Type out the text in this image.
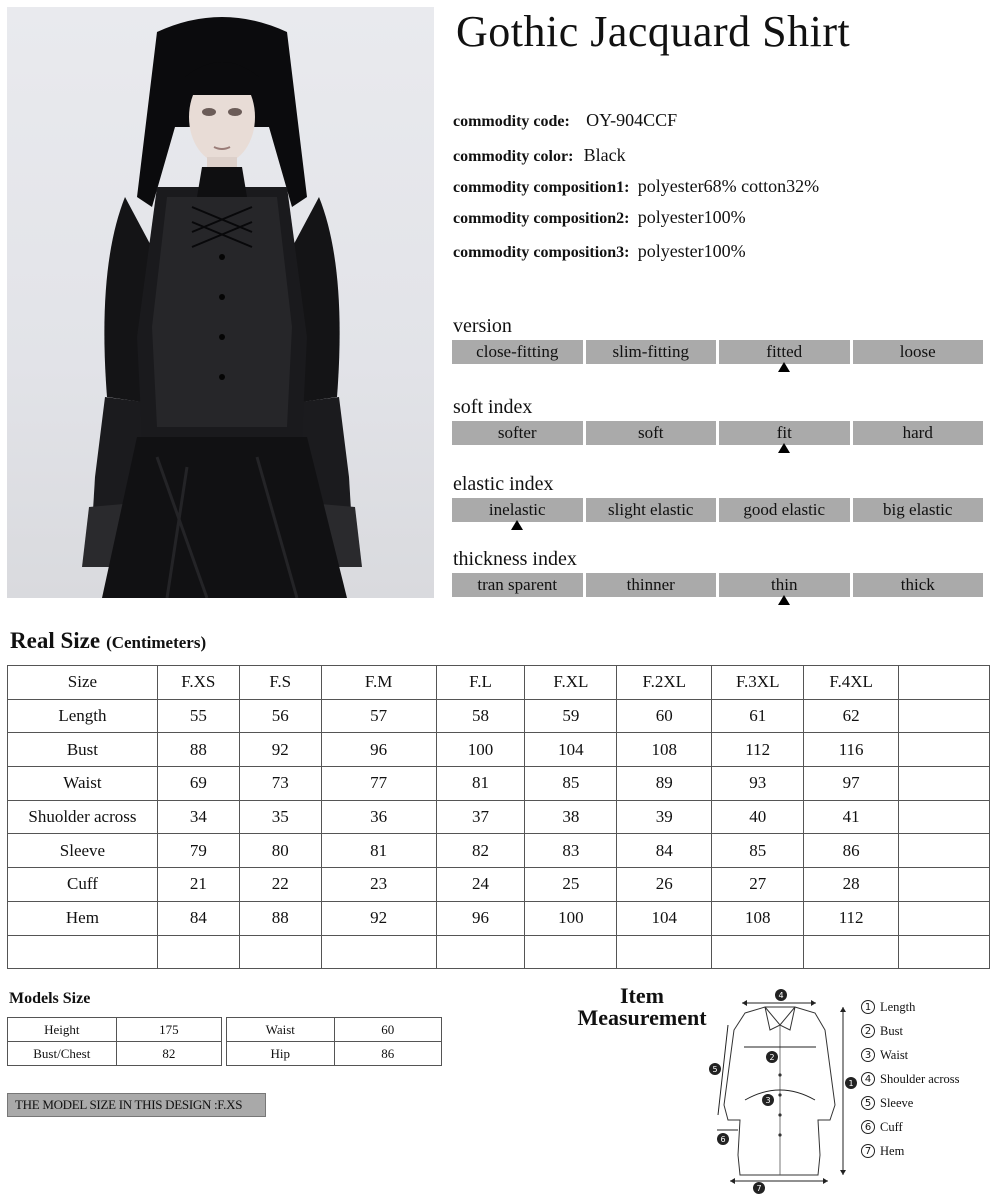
Gothic Jacquard Shirt
commodity code: OY-904CCF
commodity color: Black
commodity composition1: polyester68% cotton32%
commodity composition2: polyester100%
commodity composition3: polyester100%
version
close-fitting	slim-fitting	fitted	loose
soft index
softer	soft	fit	hard
elastic index
inelastic	slight elastic	good elastic	big elastic
thickness index
tran sparent	thinner	thin	thick
Real Size (Centimeters)
Size	F.XS	F.S	F.M	F.L	F.XL	F.2XL	F.3XL	F.4XL	
Length	55	56	57	58	59	60	61	62	
Bust	88	92	96	100	104	108	112	116	
Waist	69	73	77	81	85	89	93	97	
Shuolder across	34	35	36	37	38	39	40	41	
Sleeve	79	80	81	82	83	84	85	86	
Cuff	21	22	23	24	25	26	27	28	
Hem	84	88	92	96	100	104	108	112	

Models Size
Height	175
Bust/Chest	82
Waist	60
Hip	86
THE MODEL SIZE IN THIS DESIGN :F.XS
Item
Measurement
4
2
3
5
6
1
7
1 Length
2 Bust
3 Waist
4 Shoulder across
5 Sleeve
6 Cuff
7 Hem
